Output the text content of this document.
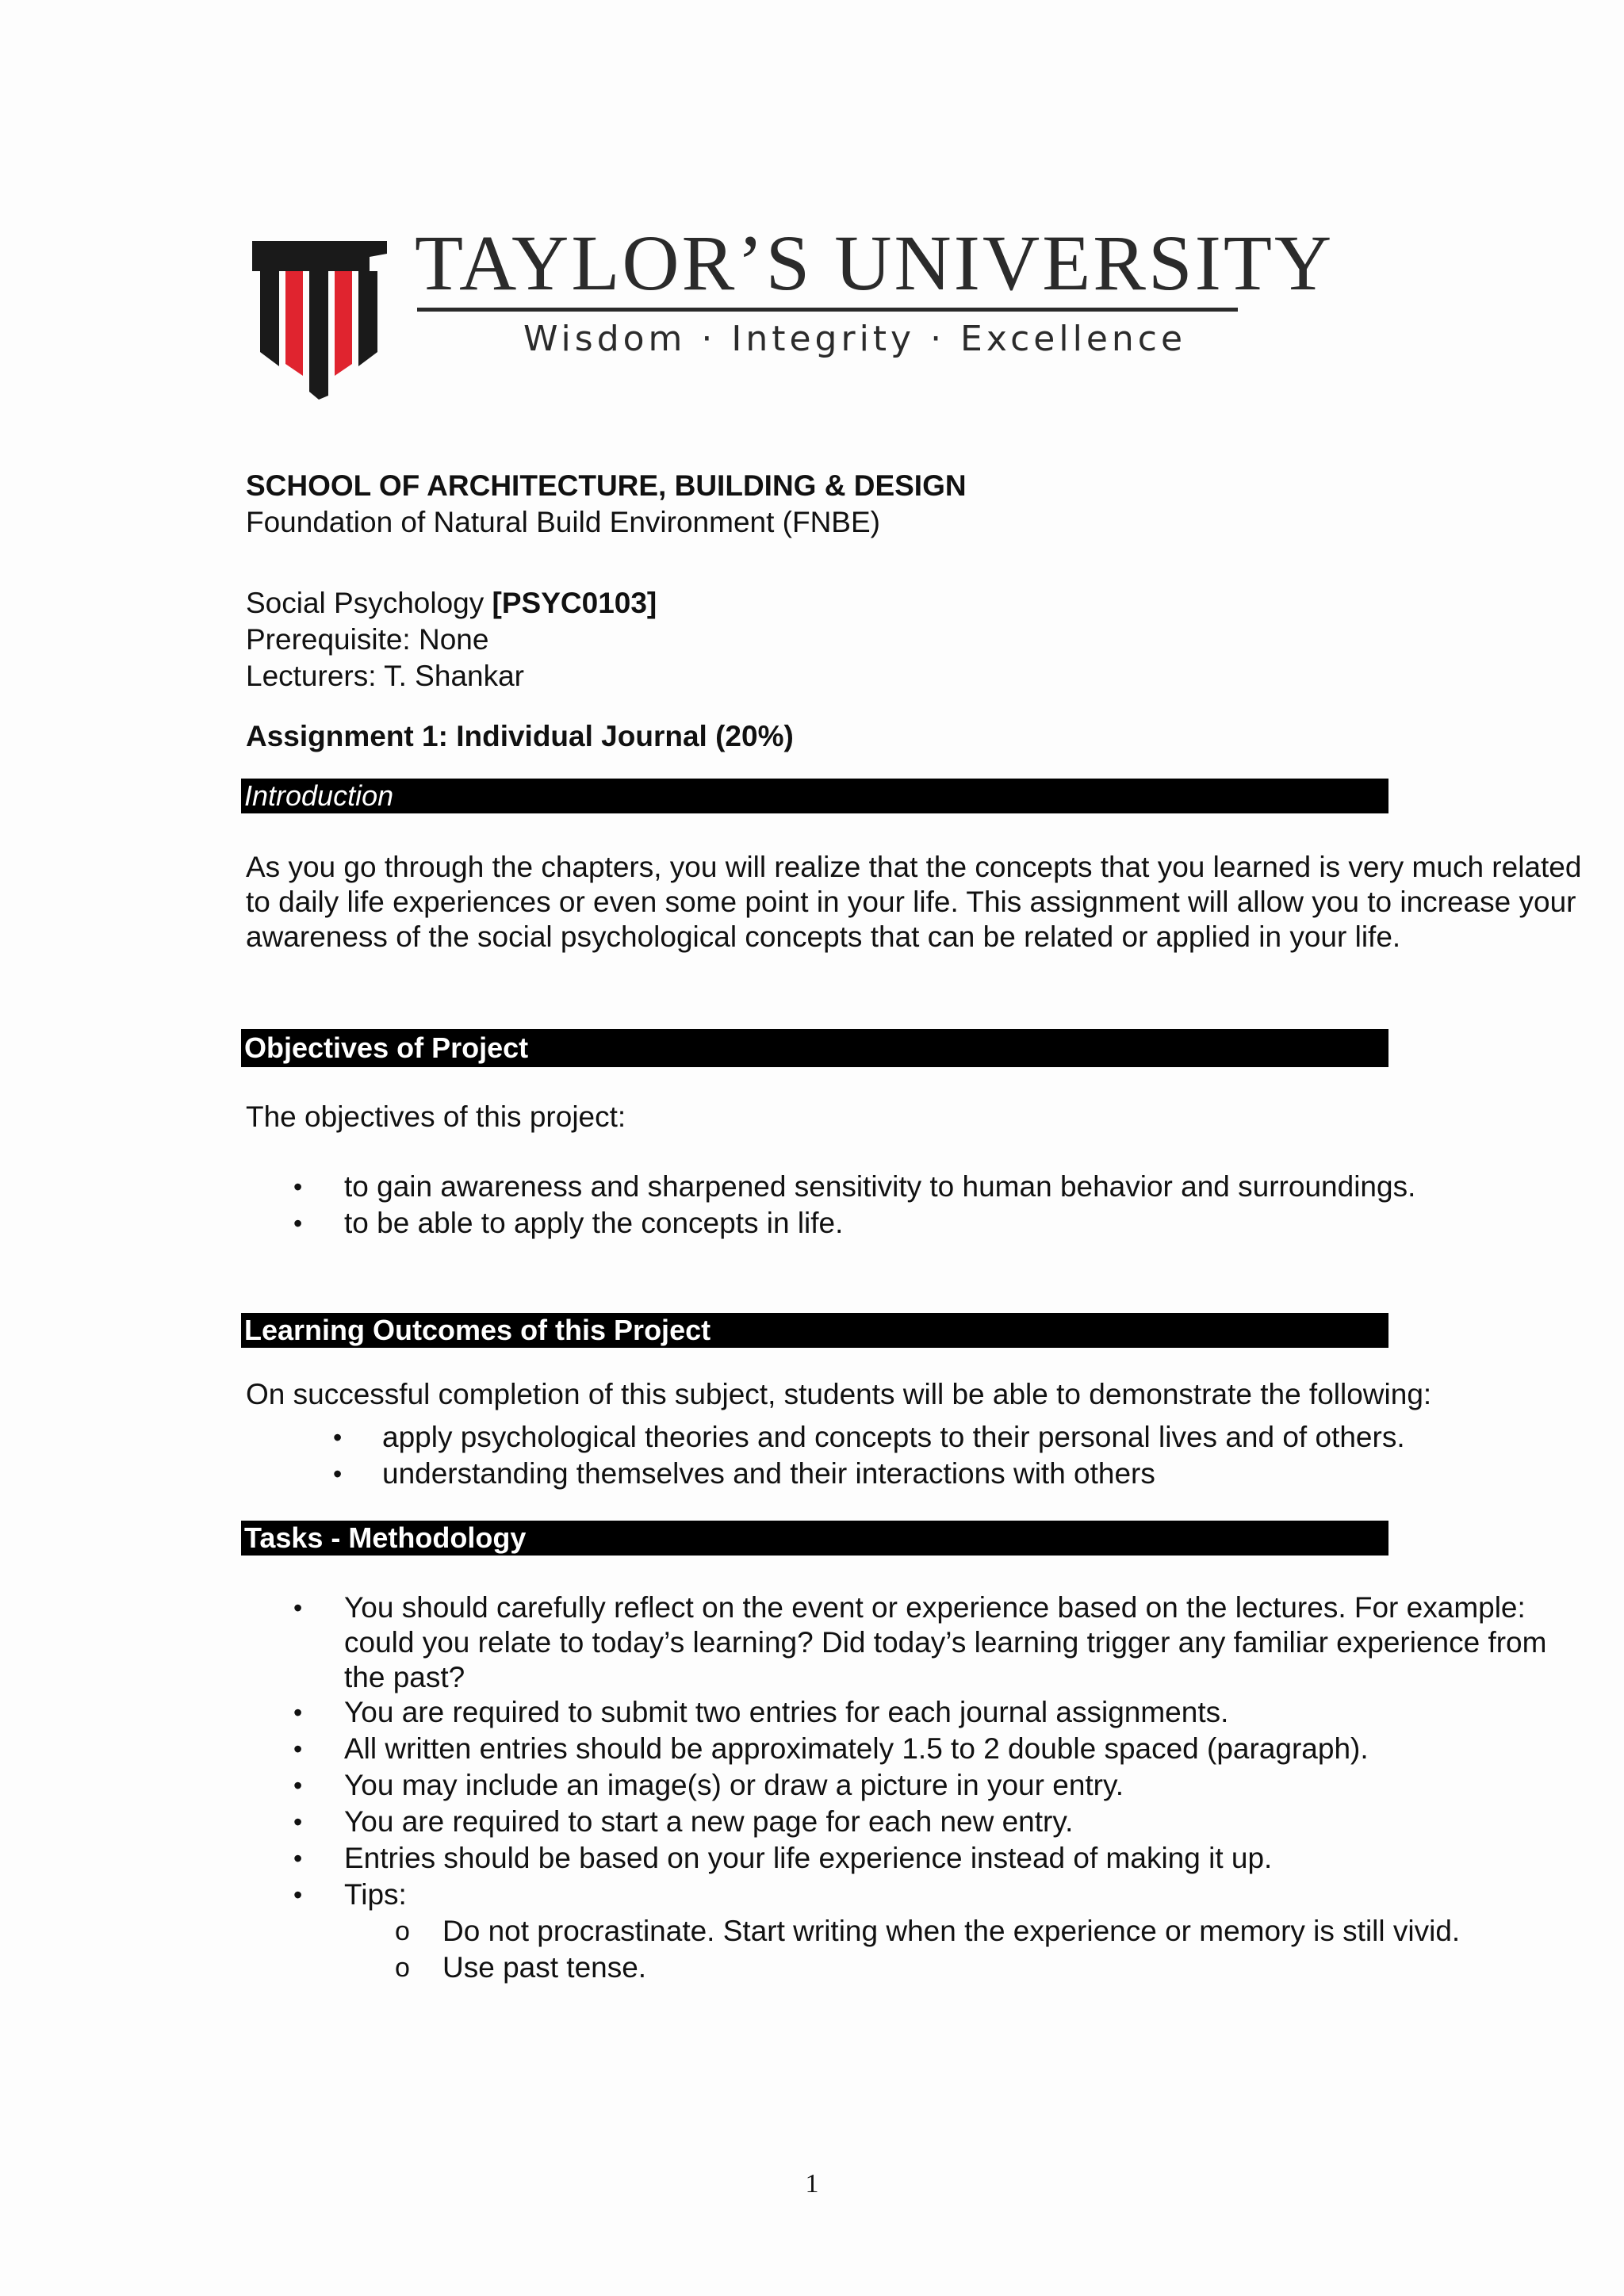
TAYLOR’S UNIVERSITY
Wisdom · Integrity · Excellence
SCHOOL OF ARCHITECTURE, BUILDING & DESIGN
Foundation of Natural Build Environment (FNBE)
Social Psychology [PSYC0103]
Prerequisite: None
Lecturers: T. Shankar
Assignment 1: Individual Journal (20%)
Introduction
As you go through the chapters, you will realize that the concepts that you learned is very much related
to daily life experiences or even some point in your life. This assignment will allow you to increase your
awareness of the social psychological concepts that can be related or applied in your life.
Objectives of Project
The objectives of this project:
• to gain awareness and sharpened sensitivity to human behavior and surroundings.
• to be able to apply the concepts in life.
Learning Outcomes of this Project
On successful completion of this subject, students will be able to demonstrate the following:
• apply psychological theories and concepts to their personal lives and of others.
• understanding themselves and their interactions with others
Tasks - Methodology
• You should carefully reflect on the event or experience based on the lectures. For example:
could you relate to today’s learning? Did today’s learning trigger any familiar experience from
the past?
• You are required to submit two entries for each journal assignments.
• All written entries should be approximately 1.5 to 2 double spaced (paragraph).
• You may include an image(s) or draw a picture in your entry.
• You are required to start a new page for each new entry.
• Entries should be based on your life experience instead of making it up.
• Tips:
o Do not procrastinate. Start writing when the experience or memory is still vivid.
o Use past tense.
1
